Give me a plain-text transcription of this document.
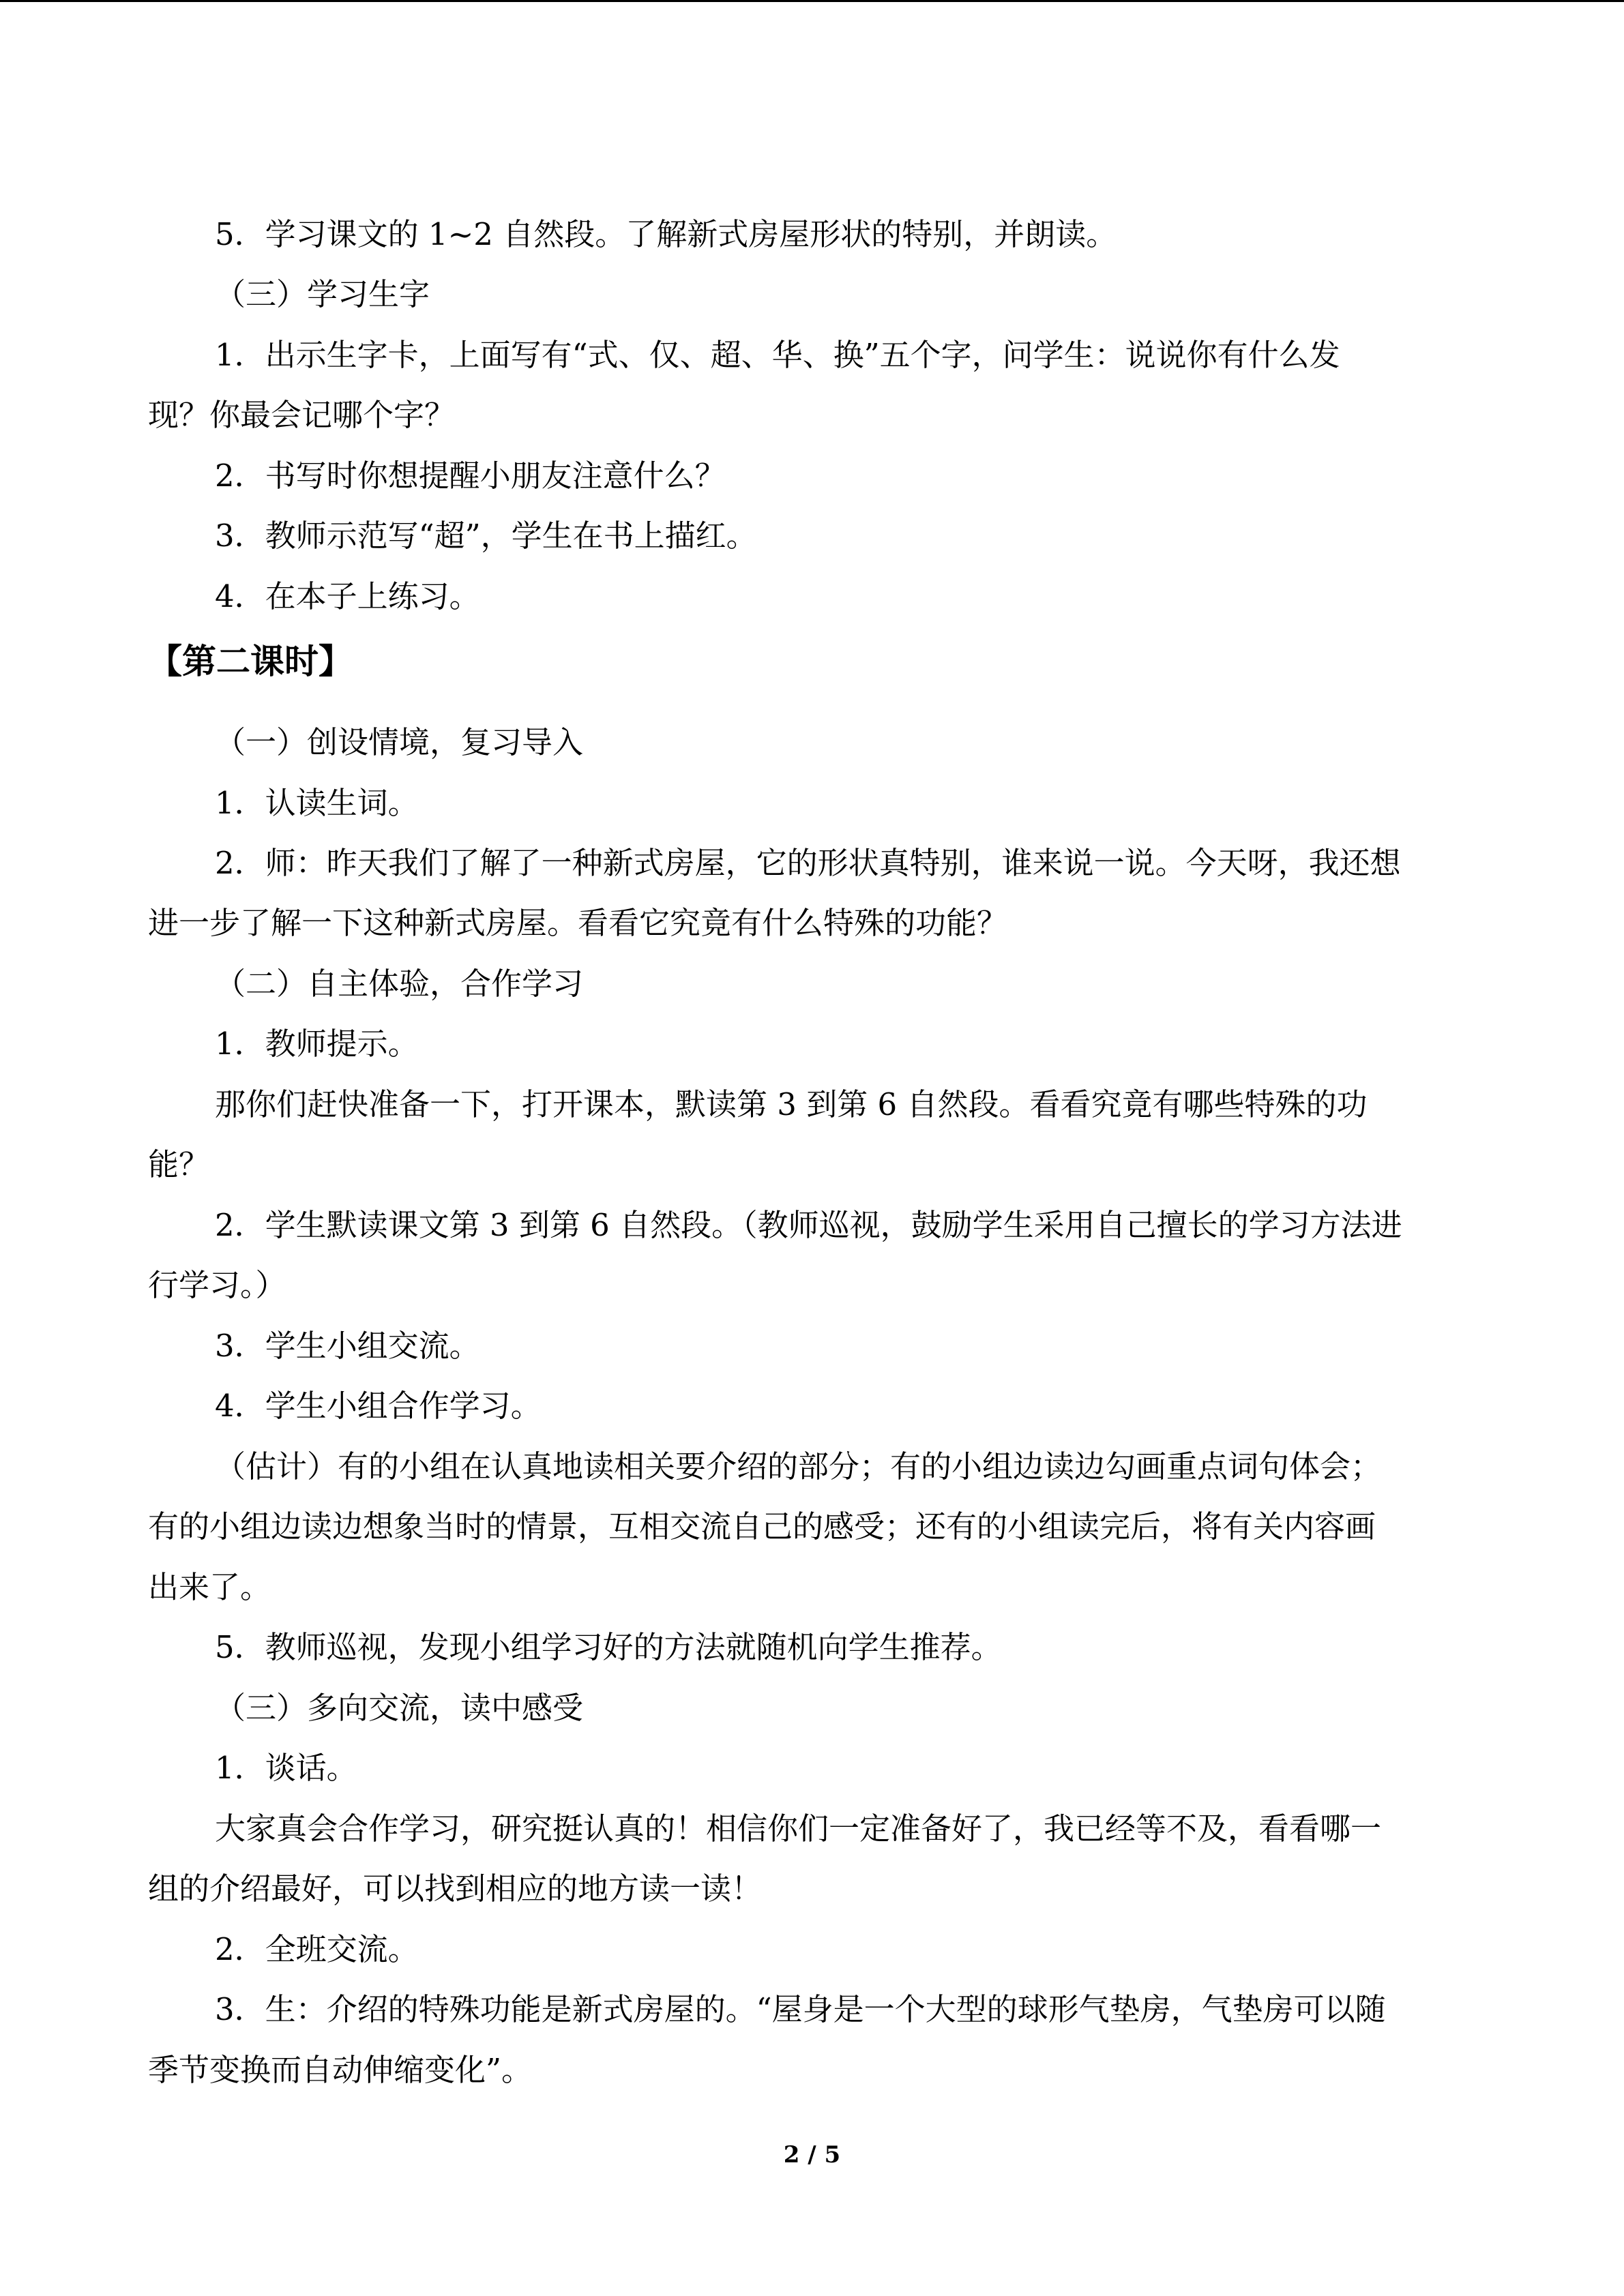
5．学习课文的 1~2 自然段。了解新式房屋形状的特别，并朗读。
（三）学习生字
1．出示生字卡，上面写有“式、仅、超、华、换”五个字，问学生：说说你有什么发
现？你最会记哪个字？
2．书写时你想提醒小朋友注意什么？
3．教师示范写“超”，学生在书上描红。
4．在本子上练习。
【第二课时】
（一）创设情境，复习导入
1．认读生词。
2．师：昨天我们了解了一种新式房屋，它的形状真特别，谁来说一说。今天呀，我还想
进一步了解一下这种新式房屋。看看它究竟有什么特殊的功能？
（二）自主体验，合作学习
1．教师提示。
那你们赶快准备一下，打开课本，默读第 3 到第 6 自然段。看看究竟有哪些特殊的功
能？
2．学生默读课文第 3 到第 6 自然段。（教师巡视，鼓励学生采用自己擅长的学习方法进
行学习。）
3．学生小组交流。
4．学生小组合作学习。
（估计）有的小组在认真地读相关要介绍的部分；有的小组边读边勾画重点词句体会；
有的小组边读边想象当时的情景，互相交流自己的感受；还有的小组读完后，将有关内容画
出来了。
5．教师巡视，发现小组学习好的方法就随机向学生推荐。
（三）多向交流，读中感受
1．谈话。
大家真会合作学习，研究挺认真的！相信你们一定准备好了，我已经等不及，看看哪一
组的介绍最好，可以找到相应的地方读一读！
2．全班交流。
3．生：介绍的特殊功能是新式房屋的。“屋身是一个大型的球形气垫房，气垫房可以随
季节变换而自动伸缩变化”。
2 / 5
